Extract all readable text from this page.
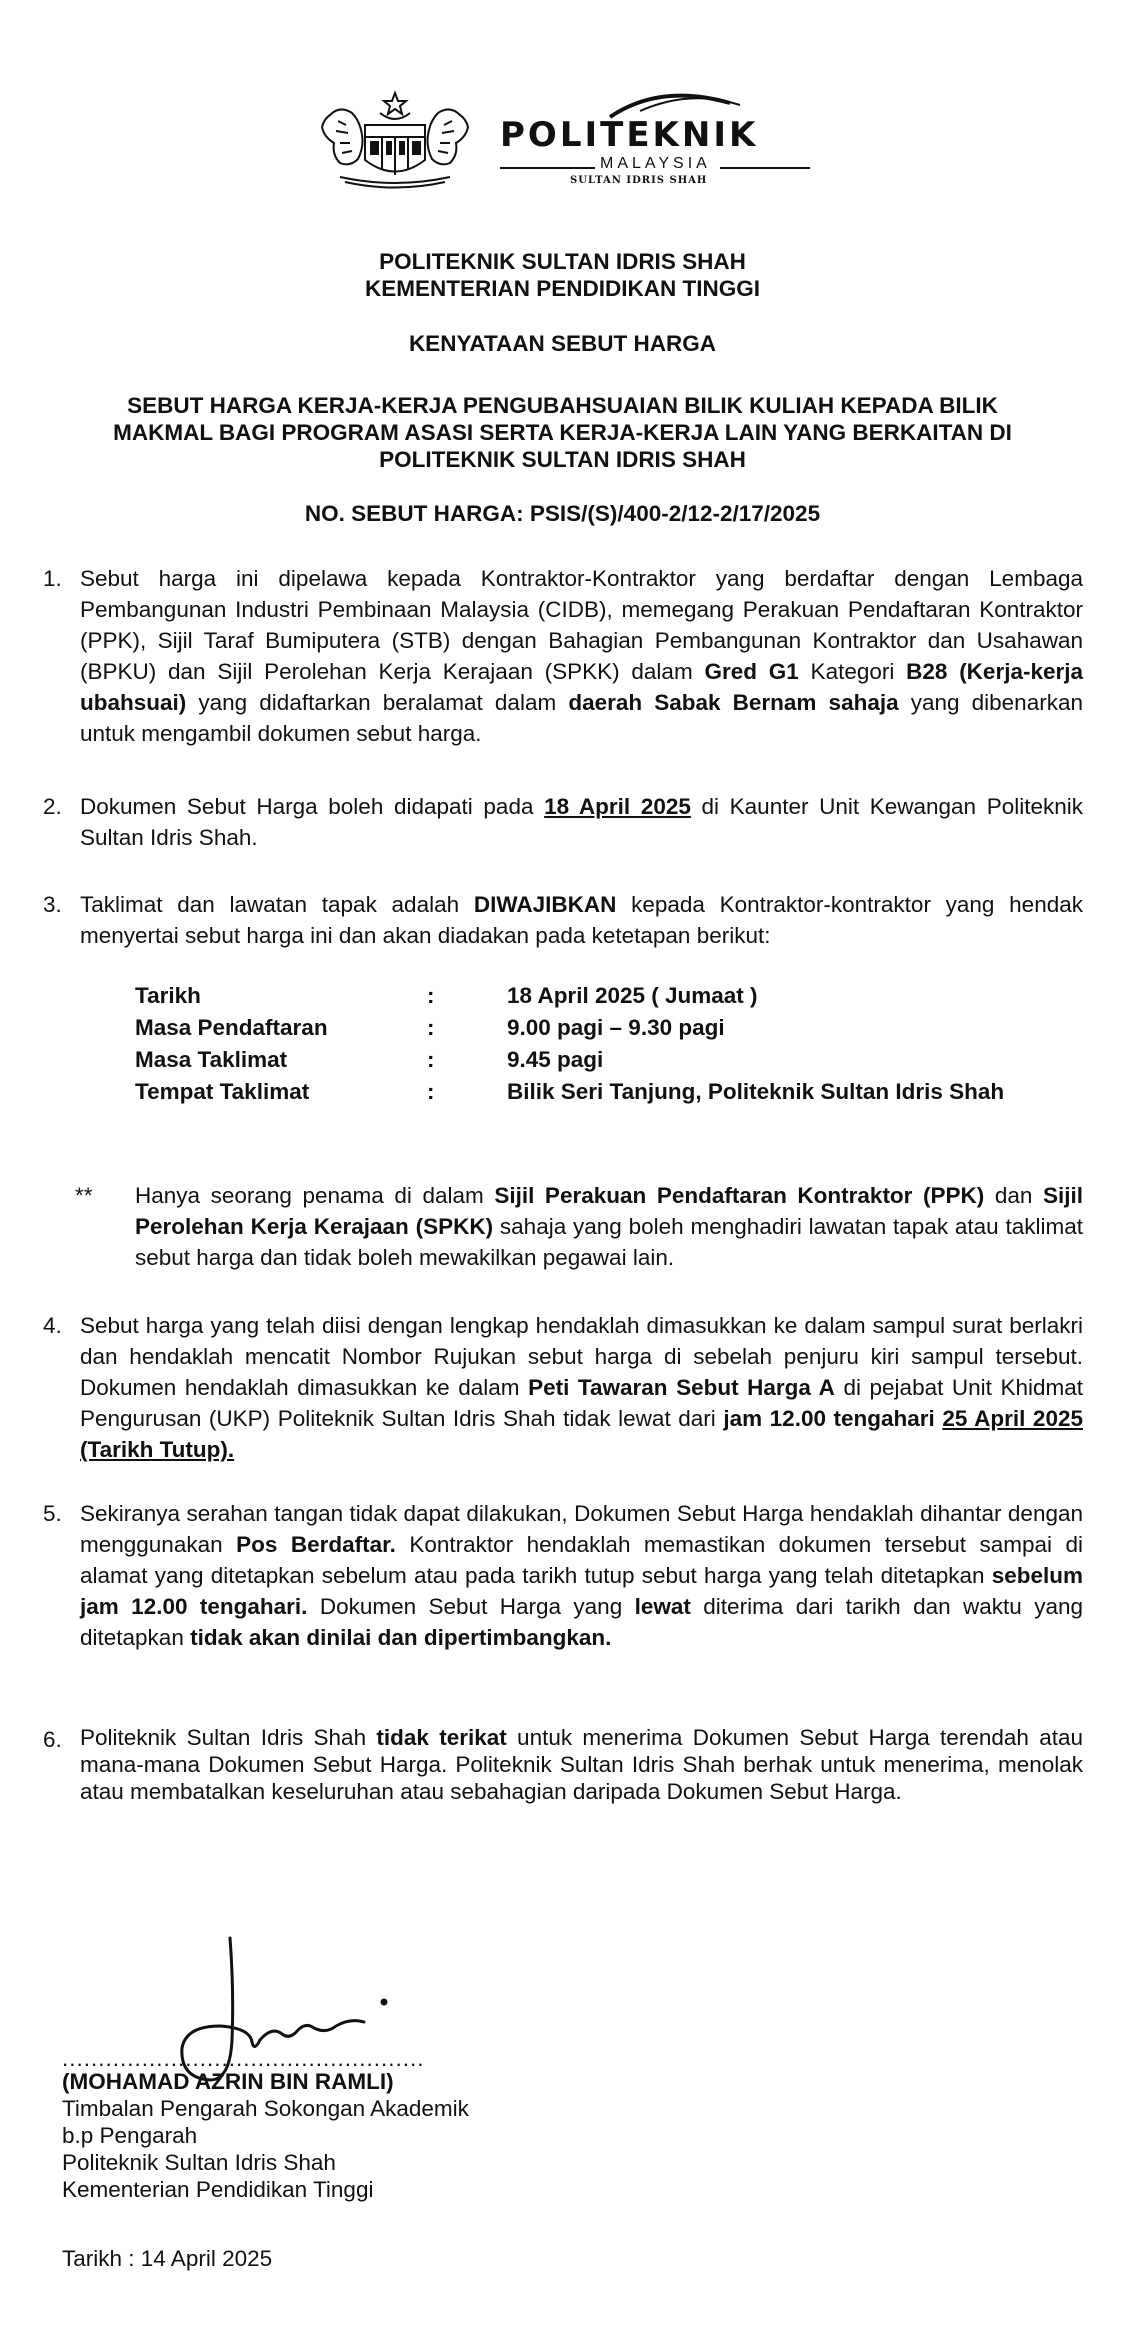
POLITEKNIK
MALAYSIA
SULTAN IDRIS SHAH
POLITEKNIK SULTAN IDRIS SHAH
KEMENTERIAN PENDIDIKAN TINGGI
KENYATAAN SEBUT HARGA
SEBUT HARGA KERJA-KERJA PENGUBAHSUAIAN BILIK KULIAH KEPADA BILIK
MAKMAL BAGI PROGRAM ASASI SERTA KERJA-KERJA LAIN YANG BERKAITAN DI
POLITEKNIK SULTAN IDRIS SHAH
NO. SEBUT HARGA: PSIS/(S)/400-2/12-2/17/2025
1. Sebut harga ini dipelawa kepada Kontraktor-Kontraktor yang berdaftar dengan Lembaga Pembangunan Industri Pembinaan Malaysia (CIDB), memegang Perakuan Pendaftaran Kontraktor (PPK), Sijil Taraf Bumiputera (STB) dengan Bahagian Pembangunan Kontraktor dan Usahawan (BPKU) dan Sijil Perolehan Kerja Kerajaan (SPKK) dalam Gred G1 Kategori B28 (Kerja-kerja ubahsuai) yang didaftarkan beralamat dalam daerah Sabak Bernam sahaja yang dibenarkan untuk mengambil dokumen sebut harga.
2. Dokumen Sebut Harga boleh didapati pada 18 April 2025 di Kaunter Unit Kewangan Politeknik Sultan Idris Shah.
3. Taklimat dan lawatan tapak adalah DIWAJIBKAN kepada Kontraktor-kontraktor yang hendak menyertai sebut harga ini dan akan diadakan pada ketetapan berikut:
Tarikh	:	18 April 2025 ( Jumaat )
Masa Pendaftaran	:	9.00 pagi – 9.30 pagi
Masa Taklimat	:	9.45 pagi
Tempat Taklimat	:	Bilik Seri Tanjung, Politeknik Sultan Idris Shah
** Hanya seorang penama di dalam Sijil Perakuan Pendaftaran Kontraktor (PPK) dan Sijil Perolehan Kerja Kerajaan (SPKK) sahaja yang boleh menghadiri lawatan tapak atau taklimat sebut harga dan tidak boleh mewakilkan pegawai lain.
4. Sebut harga yang telah diisi dengan lengkap hendaklah dimasukkan ke dalam sampul surat berlakri dan hendaklah mencatit Nombor Rujukan sebut harga di sebelah penjuru kiri sampul tersebut. Dokumen hendaklah dimasukkan ke dalam Peti Tawaran Sebut Harga A di pejabat Unit Khidmat Pengurusan (UKP) Politeknik Sultan Idris Shah tidak lewat dari jam 12.00 tengahari 25 April 2025 (Tarikh Tutup).
5. Sekiranya serahan tangan tidak dapat dilakukan, Dokumen Sebut Harga hendaklah dihantar dengan menggunakan Pos Berdaftar. Kontraktor hendaklah memastikan dokumen tersebut sampai di alamat yang ditetapkan sebelum atau pada tarikh tutup sebut harga yang telah ditetapkan sebelum jam 12.00 tengahari. Dokumen Sebut Harga yang lewat diterima dari tarikh dan waktu yang ditetapkan tidak akan dinilai dan dipertimbangkan.
6. Politeknik Sultan Idris Shah tidak terikat untuk menerima Dokumen Sebut Harga terendah atau mana-mana Dokumen Sebut Harga. Politeknik Sultan Idris Shah berhak untuk menerima, menolak atau membatalkan keseluruhan atau sebahagian daripada Dokumen Sebut Harga.
..................................................
(MOHAMAD AZRIN BIN RAMLI)
Timbalan Pengarah Sokongan Akademik
b.p Pengarah
Politeknik Sultan Idris Shah
Kementerian Pendidikan Tinggi
Tarikh : 14 April 2025
